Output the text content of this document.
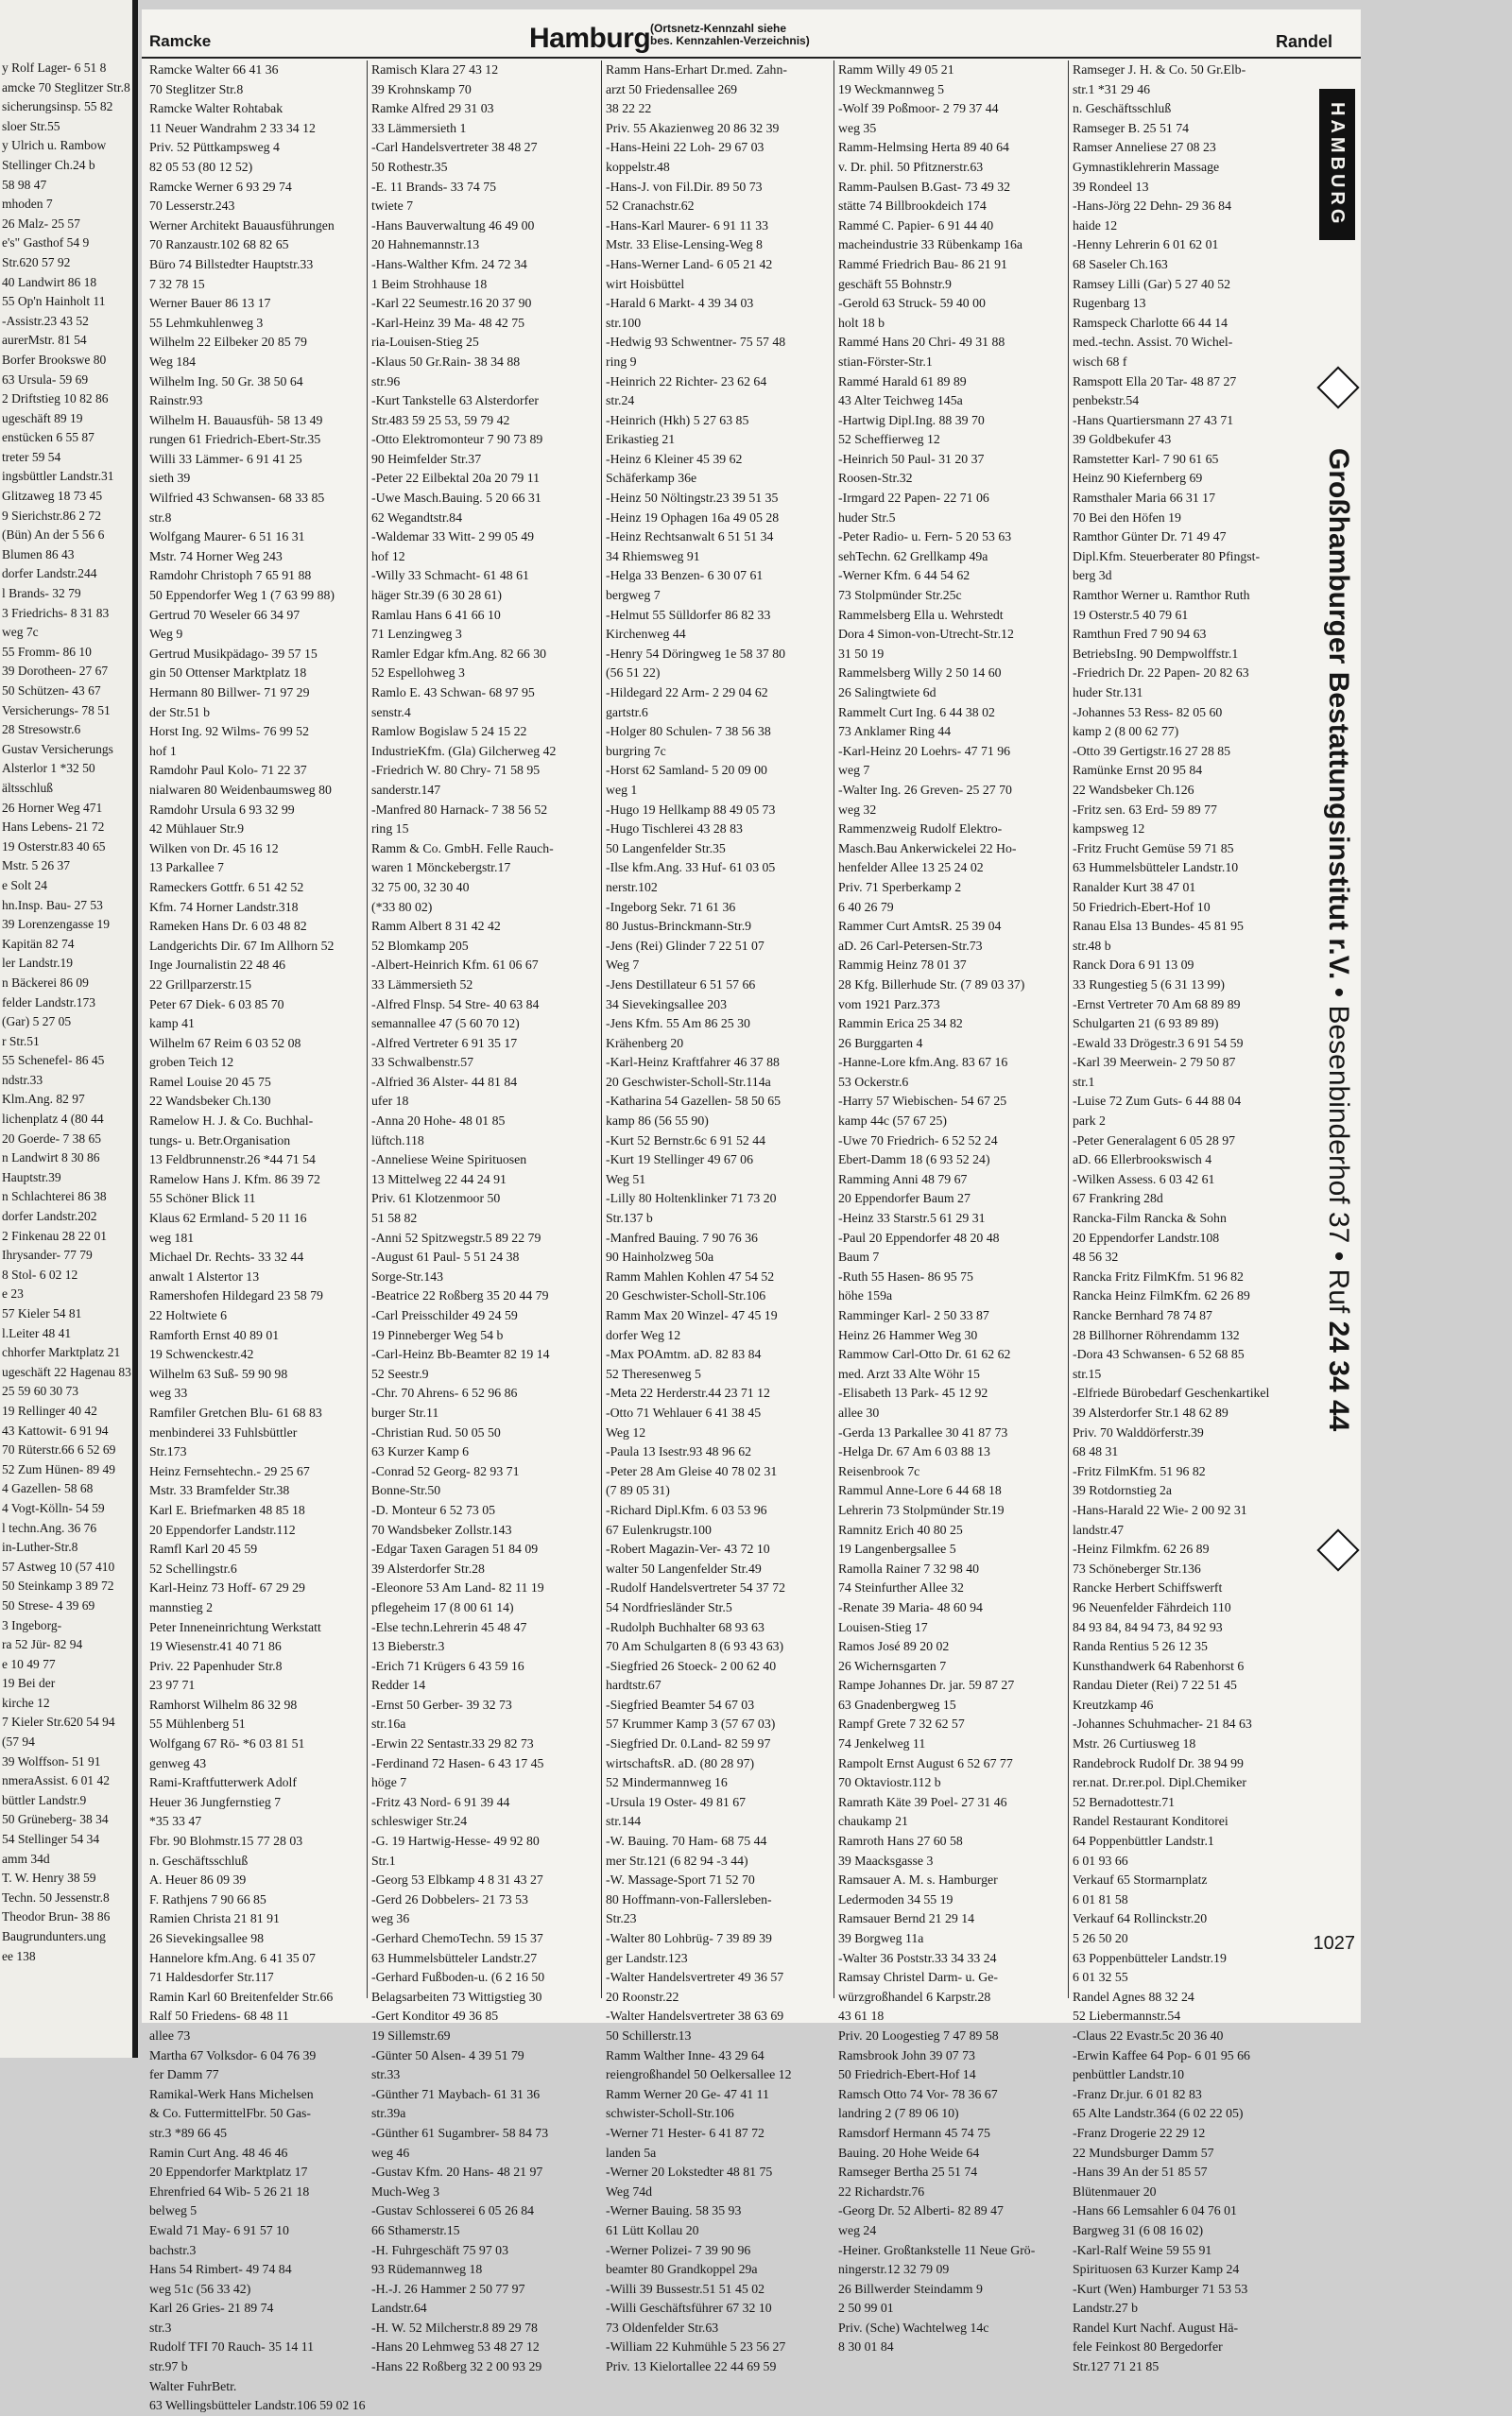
y Rolf Lager- 6 51 8
amcke 70 Steglitzer Str.8
sicherungsinsp. 55 82
sloer Str.55
y Ulrich u. Rambow
Stellinger Ch.24 b
58 98 47
mhoden 7
26 Malz- 25 57
e's" Gasthof 54 9
Str.620 57 92
40 Landwirt 86 18
55 Op'n Hainholt 11
-Assistr.23 43 52
aurerMstr. 81 54
Borfer Brookswe 80
63 Ursula- 59 69
2 Driftstieg 10 82 86
ugeschäft 89 19
enstücken 6 55 87
treter 59 54
ingsbüttler Landstr.31
Glitzaweg 18 73 45
9 Sierichstr.86 2 72
(Bün) An der 5 56 6
Blumen 86 43
dorfer Landstr.244
l Brands- 32 79
3 Friedrichs- 8 31 83
weg 7c
55 Fromm- 86 10
39 Dorotheen- 27 67
50 Schützen- 43 67
Versicherungs- 78 51
28 Stresowstr.6
Gustav Versicherungs
Alsterlor 1 *32 50
ältsschluß
26 Horner Weg 471
Hans Lebens- 21 72
19 Osterstr.83 40 65
Mstr. 5 26 37
e Solt 24
hn.Insp. Bau- 27 53
39 Lorenzengasse 19
Kapitän 82 74
ler Landstr.19
n Bäckerei 86 09
felder Landstr.173
(Gar) 5 27 05
r Str.51
55 Schenefel- 86 45
ndstr.33
Klm.Ang. 82 97
lichenplatz 4 (80 44
20 Goerde- 7 38 65
n Landwirt 8 30 86
Hauptstr.39
n Schlachterei 86 38
dorfer Landstr.202
2 Finkenau 28 22 01
Ihrysander- 77 79
8 Stol- 6 02 12
e 23
57 Kieler 54 81
l.Leiter 48 41
chhorfer Marktplatz 21
ugeschäft 22 Hagenau 83
25 59 60 30 73
19 Rellinger 40 42
43 Kattowit- 6 91 94
70 Rüterstr.66 6 52 69
52 Zum Hünen- 89 49
4 Gazellen- 58 68
4 Vogt-Kölln- 54 59
l techn.Ang. 36 76
in-Luther-Str.8
57 Astweg 10 (57 410
50 Steinkamp 3 89 72
50 Strese- 4 39 69
3 Ingeborg-
ra 52 Jür- 82 94
e 10 49 77
19 Bei der
kirche 12
7 Kieler Str.620 54 94
(57 94
39 Wolffson- 51 91
nmeraAssist. 6 01 42
büttler Landstr.9
50 Grüneberg- 38 34
54 Stellinger 54 34
amm 34d
T. W. Henry 38 59
Techn. 50 Jessenstr.8
Theodor Brun- 38 86
Baugrundunters.ung
ee 138
Ramcke	Hamburg (Ortsnetz-Kennzahl siehe
bes. Kennzahlen-Verzeichnis)	Randel
Ramcke Walter 66 41 36
70 Steglitzer Str.8
Ramcke Walter Rohtabak
11 Neuer Wandrahm 2 33 34 12
Priv. 52 Püttkampsweg 4
82 05 53 (80 12 52)
Ramcke Werner 6 93 29 74
70 Lesserstr.243
Werner Architekt Bauausführungen
70 Ranzaustr.102 68 82 65
Büro 74 Billstedter Hauptstr.33
7 32 78 15
Werner Bauer 86 13 17
55 Lehmkuhlenweg 3
Wilhelm 22 Eilbeker 20 85 79
Weg 184
Wilhelm Ing. 50 Gr. 38 50 64
Rainstr.93
Wilhelm H. Bauausfüh- 58 13 49
rungen 61 Friedrich-Ebert-Str.35
Willi 33 Lämmer- 6 91 41 25
sieth 39
Wilfried 43 Schwansen- 68 33 85
str.8
Wolfgang Maurer- 6 51 16 31
Mstr. 74 Horner Weg 243
Ramdohr Christoph 7 65 91 88
50 Eppendorfer Weg 1 (7 63 99 88)
Gertrud 70 Weseler 66 34 97
Weg 9
Gertrud Musikpädago- 39 57 15
gin 50 Ottenser Marktplatz 18
Hermann 80 Billwer- 71 97 29
der Str.51 b
Horst Ing. 92 Wilms- 76 99 52
hof 1
Ramdohr Paul Kolo- 71 22 37
nialwaren 80 Weidenbaumsweg 80
Ramdohr Ursula 6 93 32 99
42 Mühlauer Str.9
Wilken von Dr. 45 16 12
13 Parkallee 7
Rameckers Gottfr. 6 51 42 52
Kfm. 74 Horner Landstr.318
Rameken Hans Dr. 6 03 48 82
Landgerichts Dir. 67 Im Allhorn 52
Inge Journalistin 22 48 46
22 Grillparzerstr.15
Peter 67 Diek- 6 03 85 70
kamp 41
Wilhelm 67 Reim 6 03 52 08
groben Teich 12
Ramel Louise 20 45 75
22 Wandsbeker Ch.130
Ramelow H. J. & Co. Buchhal-
tungs- u. Betr.Organisation
13 Feldbrunnenstr.26 *44 71 54
Ramelow Hans J. Kfm. 86 39 72
55 Schöner Blick 11
Klaus 62 Ermland- 5 20 11 16
weg 181
Michael Dr. Rechts- 33 32 44
anwalt 1 Alstertor 13
Ramershofen Hildegard 23 58 79
22 Holtwiete 6
Ramforth Ernst 40 89 01
19 Schwenckestr.42
Wilhelm 63 Suß- 59 90 98
weg 33
Ramfiler Gretchen Blu- 61 68 83
menbinderei 33 Fuhlsbüttler
Str.173
Heinz Fernsehtechn.- 29 25 67
Mstr. 33 Bramfelder Str.38
Karl E. Briefmarken 48 85 18
20 Eppendorfer Landstr.112
Ramfl Karl 20 45 59
52 Schellingstr.6
Karl-Heinz 73 Hoff- 67 29 29
mannstieg 2
Peter Inneneinrichtung Werkstatt
19 Wiesenstr.41 40 71 86
Priv. 22 Papenhuder Str.8
23 97 71
Ramhorst Wilhelm 86 32 98
55 Mühlenberg 51
Wolfgang 67 Rö- *6 03 81 51
genweg 43
Rami-Kraftfutterwerk Adolf
Heuer 36 Jungfernstieg 7
*35 33 47
Fbr. 90 Blohmstr.15 77 28 03
n. Geschäftsschluß
A. Heuer 86 09 39
F. Rathjens 7 90 66 85
Ramien Christa 21 81 91
26 Sievekingsallee 98
Hannelore kfm.Ang. 6 41 35 07
71 Haldesdorfer Str.117
Ramin Karl 60 Breitenfelder Str.66
Ralf 50 Friedens- 68 48 11
allee 73
Martha 67 Volksdor- 6 04 76 39
fer Damm 77
Ramikal-Werk Hans Michelsen
& Co. FuttermittelFbr. 50 Gas-
str.3 *89 66 45
Ramin Curt Ang. 48 46 46
20 Eppendorfer Marktplatz 17
Ehrenfried 64 Wib- 5 26 21 18
belweg 5
Ewald 71 May- 6 91 57 10
bachstr.3
Hans 54 Rimbert- 49 74 84
weg 51c (56 33 42)
Karl 26 Gries- 21 89 74
str.3
Rudolf TFI 70 Rauch- 35 14 11
str.97 b
Walter FuhrBetr.
63 Wellingsbütteler Landstr.106 59 02 16
Ramisch Klara 27 43 12
39 Krohnskamp 70
Ramke Alfred 29 31 03
33 Lämmersieth 1
-Carl Handelsvertreter 38 48 27
50 Rothestr.35
-E. 11 Brands- 33 74 75
twiete 7
-Hans Bauverwaltung 46 49 00
20 Hahnemannstr.13
-Hans-Walther Kfm. 24 72 34
1 Beim Strohhause 18
-Karl 22 Seumestr.16 20 37 90
-Karl-Heinz 39 Ma- 48 42 75
ria-Louisen-Stieg 25
-Klaus 50 Gr.Rain- 38 34 88
str.96
-Kurt Tankstelle 63 Alsterdorfer
Str.483 59 25 53, 59 79 42
-Otto Elektromonteur 7 90 73 89
90 Heimfelder Str.37
-Peter 22 Eilbektal 20a 20 79 11
-Uwe Masch.Bauing. 5 20 66 31
62 Wegandtstr.84
-Waldemar 33 Witt- 2 99 05 49
hof 12
-Willy 33 Schmacht- 61 48 61
häger Str.39 (6 30 28 61)
Ramlau Hans 6 41 66 10
71 Lenzingweg 3
Ramler Edgar kfm.Ang. 82 66 30
52 Espellohweg 3
Ramlo E. 43 Schwan- 68 97 95
senstr.4
Ramlow Bogislaw 5 24 15 22
IndustrieKfm. (Gla) Gilcherweg 42
-Friedrich W. 80 Chry- 71 58 95
sanderstr.147
-Manfred 80 Harnack- 7 38 56 52
ring 15
Ramm & Co. GmbH. Felle Rauch-
waren 1 Mönckebergstr.17
32 75 00, 32 30 40
(*33 80 02)
Ramm Albert 8 31 42 42
52 Blomkamp 205
-Albert-Heinrich Kfm. 61 06 67
33 Lämmersieth 52
-Alfred Flnsp. 54 Stre- 40 63 84
semannallee 47 (5 60 70 12)
-Alfred Vertreter 6 91 35 17
33 Schwalbenstr.57
-Alfried 36 Alster- 44 81 84
ufer 18
-Anna 20 Hohe- 48 01 85
lüftch.118
-Anneliese Weine Spirituosen
13 Mittelweg 22 44 24 91
Priv. 61 Klotzenmoor 50
51 58 82
-Anni 52 Spitzwegstr.5 89 22 79
-August 61 Paul- 5 51 24 38
Sorge-Str.143
-Beatrice 22 Roßberg 35 20 44 79
-Carl Preisschilder 49 24 59
19 Pinneberger Weg 54 b
-Carl-Heinz Bb-Beamter 82 19 14
52 Seestr.9
-Chr. 70 Ahrens- 6 52 96 86
burger Str.11
-Christian Rud. 50 05 50
63 Kurzer Kamp 6
-Conrad 52 Georg- 82 93 71
Bonne-Str.50
-D. Monteur 6 52 73 05
70 Wandsbeker Zollstr.143
-Edgar Taxen Garagen 51 84 09
39 Alsterdorfer Str.28
-Eleonore 53 Am Land- 82 11 19
pflegeheim 17 (8 00 61 14)
-Else techn.Lehrerin 45 48 47
13 Bieberstr.3
-Erich 71 Krügers 6 43 59 16
Redder 14
-Ernst 50 Gerber- 39 32 73
str.16a
-Erwin 22 Sentastr.33 29 82 73
-Ferdinand 72 Hasen- 6 43 17 45
höge 7
-Fritz 43 Nord- 6 91 39 44
schleswiger Str.24
-G. 19 Hartwig-Hesse- 49 92 80
Str.1
-Georg 53 Elbkamp 4 8 31 43 27
-Gerd 26 Dobbelers- 21 73 53
weg 36
-Gerhard ChemoTechn. 59 15 37
63 Hummelsbütteler Landstr.27
-Gerhard Fußboden-u. (6 2 16 50
Belagsarbeiten 73 Wittigstieg 30
-Gert Konditor 49 36 85
19 Sillemstr.69
-Günter 50 Alsen- 4 39 51 79
str.33
-Günther 71 Maybach- 61 31 36
str.39a
-Günther 61 Sugambrer- 58 84 73
weg 46
-Gustav Kfm. 20 Hans- 48 21 97
Much-Weg 3
-Gustav Schlosserei 6 05 26 84
66 Sthamerstr.15
-H. Fuhrgeschäft 75 97 03
93 Rüdemannweg 18
-H.-J. 26 Hammer 2 50 77 97
Landstr.64
-H. W. 52 Milcherstr.8 89 29 78
-Hans 20 Lehmweg 53 48 27 12
-Hans 22 Roßberg 32 2 00 93 29
Ramm Hans-Erhart Dr.med. Zahn-
arzt 50 Friedensallee 269
38 22 22
Priv. 55 Akazienweg 20 86 32 39
-Hans-Heini 22 Loh- 29 67 03
koppelstr.48
-Hans-J. von Fil.Dir. 89 50 73
52 Cranachstr.62
-Hans-Karl Maurer- 6 91 11 33
Mstr. 33 Elise-Lensing-Weg 8
-Hans-Werner Land- 6 05 21 42
wirt Hoisbüttel
-Harald 6 Markt- 4 39 34 03
str.100
-Hedwig 93 Schwentner- 75 57 48
ring 9
-Heinrich 22 Richter- 23 62 64
str.24
-Heinrich (Hkh) 5 27 63 85
Erikastieg 21
-Heinz 6 Kleiner 45 39 62
Schäferkamp 36e
-Heinz 50 Nöltingstr.23 39 51 35
-Heinz 19 Ophagen 16a 49 05 28
-Heinz Rechtsanwalt 6 51 51 34
34 Rhiemsweg 91
-Helga 33 Benzen- 6 30 07 61
bergweg 7
-Helmut 55 Sülldorfer 86 82 33
Kirchenweg 44
-Henry 54 Döringweg 1e 58 37 80
(56 51 22)
-Hildegard 22 Arm- 2 29 04 62
gartstr.6
-Holger 80 Schulen- 7 38 56 38
burgring 7c
-Horst 62 Samland- 5 20 09 00
weg 1
-Hugo 19 Hellkamp 88 49 05 73
-Hugo Tischlerei 43 28 83
50 Langenfelder Str.35
-Ilse kfm.Ang. 33 Huf- 61 03 05
nerstr.102
-Ingeborg Sekr. 71 61 36
80 Justus-Brinckmann-Str.9
-Jens (Rei) Glinder 7 22 51 07
Weg 7
-Jens Destillateur 6 51 57 66
34 Sievekingsallee 203
-Jens Kfm. 55 Am 86 25 30
Krähenberg 20
-Karl-Heinz Kraftfahrer 46 37 88
20 Geschwister-Scholl-Str.114a
-Katharina 54 Gazellen- 58 50 65
kamp 86 (56 55 90)
-Kurt 52 Bernstr.6c 6 91 52 44
-Kurt 19 Stellinger 49 67 06
Weg 51
-Lilly 80 Holtenklinker 71 73 20
Str.137 b
-Manfred Bauing. 7 90 76 36
90 Hainholzweg 50a
Ramm Mahlen Kohlen 47 54 52
20 Geschwister-Scholl-Str.106
Ramm Max 20 Winzel- 47 45 19
dorfer Weg 12
-Max POAmtm. aD. 82 83 84
52 Theresenweg 5
-Meta 22 Herderstr.44 23 71 12
-Otto 71 Wehlauer 6 41 38 45
Weg 12
-Paula 13 Isestr.93 48 96 62
-Peter 28 Am Gleise 40 78 02 31
(7 89 05 31)
-Richard Dipl.Kfm. 6 03 53 96
67 Eulenkrugstr.100
-Robert Magazin-Ver- 43 72 10
walter 50 Langenfelder Str.49
-Rudolf Handelsvertreter 54 37 72
54 Nordfriesländer Str.5
-Rudolph Buchhalter 68 93 63
70 Am Schulgarten 8 (6 93 43 63)
-Siegfried 26 Stoeck- 2 00 62 40
hardtstr.67
-Siegfried Beamter 54 67 03
57 Krummer Kamp 3 (57 67 03)
-Siegfried Dr. 0.Land- 82 59 97
wirtschaftsR. aD. (80 28 97)
52 Mindermannweg 16
-Ursula 19 Oster- 49 81 67
str.144
-W. Bauing. 70 Ham- 68 75 44
mer Str.121 (6 82 94 -3 44)
-W. Massage-Sport 71 52 70
80 Hoffmann-von-Fallersleben-
Str.23
-Walter 80 Lohbrüg- 7 39 89 39
ger Landstr.123
-Walter Handelsvertreter 49 36 57
20 Roonstr.22
-Walter Handelsvertreter 38 63 69
50 Schillerstr.13
Ramm Walther Inne- 43 29 64
reiengroßhandel 50 Oelkersallee 12
Ramm Werner 20 Ge- 47 41 11
schwister-Scholl-Str.106
-Werner 71 Hester- 6 41 87 72
landen 5a
-Werner 20 Lokstedter 48 81 75
Weg 74d
-Werner Bauing. 58 35 93
61 Lütt Kollau 20
-Werner Polizei- 7 39 90 96
beamter 80 Grandkoppel 29a
-Willi 39 Bussestr.51 51 45 02
-Willi Geschäftsführer 67 32 10
73 Oldenfelder Str.63
-William 22 Kuhmühle 5 23 56 27
Priv. 13 Kielortallee 22 44 69 59
Ramm Willy 49 05 21
19 Weckmannweg 5
-Wolf 39 Poßmoor- 2 79 37 44
weg 35
Ramm-Helmsing Herta 89 40 64
v. Dr. phil. 50 Pfitznerstr.63
Ramm-Paulsen B.Gast- 73 49 32
stätte 74 Billbrookdeich 174
Rammé C. Papier- 6 91 44 40
macheindustrie 33 Rübenkamp 16a
Rammé Friedrich Bau- 86 21 91
geschäft 55 Bohnstr.9
-Gerold 63 Struck- 59 40 00
holt 18 b
Rammé Hans 20 Chri- 49 31 88
stian-Förster-Str.1
Rammé Harald 61 89 89
43 Alter Teichweg 145a
-Hartwig Dipl.Ing. 88 39 70
52 Scheffierweg 12
-Heinrich 50 Paul- 31 20 37
Roosen-Str.32
-Irmgard 22 Papen- 22 71 06
huder Str.5
-Peter Radio- u. Fern- 5 20 53 63
sehTechn. 62 Grellkamp 49a
-Werner Kfm. 6 44 54 62
73 Stolpmünder Str.25c
Rammelsberg Ella u. Wehrstedt
Dora 4 Simon-von-Utrecht-Str.12
31 50 19
Rammelsberg Willy 2 50 14 60
26 Salingtwiete 6d
Rammelt Curt Ing. 6 44 38 02
73 Anklamer Ring 44
-Karl-Heinz 20 Loehrs- 47 71 96
weg 7
-Walter Ing. 26 Greven- 25 27 70
weg 32
Rammenzweig Rudolf Elektro-
Masch.Bau Ankerwickelei 22 Ho-
henfelder Allee 13 25 24 02
Priv. 71 Sperberkamp 2
6 40 26 79
Rammer Curt AmtsR. 25 39 04
aD. 26 Carl-Petersen-Str.73
Rammig Heinz 78 01 37
28 Kfg. Billerhude Str. (7 89 03 37)
vom 1921 Parz.373
Rammin Erica 25 34 82
26 Burggarten 4
-Hanne-Lore kfm.Ang. 83 67 16
53 Ockerstr.6
-Harry 57 Wiebischen- 54 67 25
kamp 44c (57 67 25)
-Uwe 70 Friedrich- 6 52 52 24
Ebert-Damm 18 (6 93 52 24)
Ramming Anni 48 79 67
20 Eppendorfer Baum 27
-Heinz 33 Starstr.5 61 29 31
-Paul 20 Eppendorfer 48 20 48
Baum 7
-Ruth 55 Hasen- 86 95 75
höhe 159a
Ramminger Karl- 2 50 33 87
Heinz 26 Hammer Weg 30
Rammow Carl-Otto Dr. 61 62 62
med. Arzt 33 Alte Wöhr 15
-Elisabeth 13 Park- 45 12 92
allee 30
-Gerda 13 Parkallee 30 41 87 73
-Helga Dr. 67 Am 6 03 88 13
Reisenbrook 7c
Rammul Anne-Lore 6 44 68 18
Lehrerin 73 Stolpmünder Str.19
Ramnitz Erich 40 80 25
19 Langenbergsallee 5
Ramolla Rainer 7 32 98 40
74 Steinfurther Allee 32
-Renate 39 Maria- 48 60 94
Louisen-Stieg 17
Ramos José 89 20 02
26 Wichernsgarten 7
Rampe Johannes Dr. jar. 59 87 27
63 Gnadenbergweg 15
Rampf Grete 7 32 62 57
74 Jenkelweg 11
Rampolt Ernst August 6 52 67 77
70 Oktaviostr.112 b
Ramrath Käte 39 Poel- 27 31 46
chaukamp 21
Ramroth Hans 27 60 58
39 Maacksgasse 3
Ramsauer A. M. s. Hamburger
Ledermoden 34 55 19
Ramsauer Bernd 21 29 14
39 Borgweg 11a
-Walter 36 Poststr.33 34 33 24
Ramsay Christel Darm- u. Ge-
würzgroßhandel 6 Karpstr.28
43 61 18
Priv. 20 Loogestieg 7 47 89 58
Ramsbrook John 39 07 73
50 Friedrich-Ebert-Hof 14
Ramsch Otto 74 Vor- 78 36 67
landring 2 (7 89 06 10)
Ramsdorf Hermann 45 74 75
Bauing. 20 Hohe Weide 64
Ramseger Bertha 25 51 74
22 Richardstr.76
-Georg Dr. 52 Alberti- 82 89 47
weg 24
-Heiner. Großtankstelle 11 Neue Grö-
ningerstr.12 32 79 09
26 Billwerder Steindamm 9
2 50 99 01
Priv. (Sche) Wachtelweg 14c
8 30 01 84
Ramseger J. H. & Co. 50 Gr.Elb-
str.1 *31 29 46
n. Geschäftsschluß
Ramseger B. 25 51 74
Ramser Anneliese 27 08 23
Gymnastiklehrerin Massage
39 Rondeel 13
-Hans-Jörg 22 Dehn- 29 36 84
haide 12
-Henny Lehrerin 6 01 62 01
68 Saseler Ch.163
Ramsey Lilli (Gar) 5 27 40 52
Rugenbarg 13
Ramspeck Charlotte 66 44 14
med.-techn. Assist. 70 Wichel-
wisch 68 f
Ramspott Ella 20 Tar- 48 87 27
penbekstr.54
-Hans Quartiersmann 27 43 71
39 Goldbekufer 43
Ramstetter Karl- 7 90 61 65
Heinz 90 Kiefernberg 69
Ramsthaler Maria 66 31 17
70 Bei den Höfen 19
Ramthor Günter Dr. 71 49 47
Dipl.Kfm. Steuerberater 80 Pfingst-
berg 3d
Ramthor Werner u. Ramthor Ruth
19 Osterstr.5 40 79 61
Ramthun Fred 7 90 94 63
BetriebsIng. 90 Dempwolffstr.1
-Friedrich Dr. 22 Papen- 20 82 63
huder Str.131
-Johannes 53 Ress- 82 05 60
kamp 2 (8 00 62 77)
-Otto 39 Gertigstr.16 27 28 85
Ramünke Ernst 20 95 84
22 Wandsbeker Ch.126
-Fritz sen. 63 Erd- 59 89 77
kampsweg 12
-Fritz Frucht Gemüse 59 71 85
63 Hummelsbütteler Landstr.10
Ranalder Kurt 38 47 01
50 Friedrich-Ebert-Hof 10
Ranau Elsa 13 Bundes- 45 81 95
str.48 b
Ranck Dora 6 91 13 09
33 Rungestieg 5 (6 31 13 99)
-Ernst Vertreter 70 Am 68 89 89
Schulgarten 21 (6 93 89 89)
-Ewald 33 Drögestr.3 6 91 54 59
-Karl 39 Meerwein- 2 79 50 87
str.1
-Luise 72 Zum Guts- 6 44 88 04
park 2
-Peter Generalagent 6 05 28 97
aD. 66 Ellerbrookswisch 4
-Wilken Assess. 6 03 42 61
67 Frankring 28d
Rancka-Film Rancka & Sohn
20 Eppendorfer Landstr.108
48 56 32
Rancka Fritz FilmKfm. 51 96 82
Rancka Heinz FilmKfm. 62 26 89
Rancke Bernhard 78 74 87
28 Billhorner Röhrendamm 132
-Dora 43 Schwansen- 6 52 68 85
str.15
-Elfriede Bürobedarf Geschenkartikel
39 Alsterdorfer Str.1 48 62 89
Priv. 70 Walddörferstr.39
68 48 31
-Fritz FilmKfm. 51 96 82
39 Rotdornstieg 2a
-Hans-Harald 22 Wie- 2 00 92 31
landstr.47
-Heinz Filmkfm. 62 26 89
73 Schöneberger Str.136
Rancke Herbert Schiffswerft
96 Neuenfelder Fährdeich 110
84 93 84, 84 94 73, 84 92 93
Randa Rentius 5 26 12 35
Kunsthandwerk 64 Rabenhorst 6
Randau Dieter (Rei) 7 22 51 45
Kreutzkamp 46
-Johannes Schuhmacher- 21 84 63
Mstr. 26 Curtiusweg 18
Randebrock Rudolf Dr. 38 94 99
rer.nat. Dr.rer.pol. Dipl.Chemiker
52 Bernadottestr.71
Randel Restaurant Konditorei
64 Poppenbüttler Landstr.1
6 01 93 66
Verkauf 65 Stormarnplatz
6 01 81 58
Verkauf 64 Rollinckstr.20
5 26 50 20
63 Poppenbütteler Landstr.19
6 01 32 55
Randel Agnes 88 32 24
52 Liebermannstr.54
-Claus 22 Evastr.5c 20 36 40
-Erwin Kaffee 64 Pop- 6 01 95 66
penbüttler Landstr.10
-Franz Dr.jur. 6 01 82 83
65 Alte Landstr.364 (6 02 22 05)
-Franz Drogerie 22 29 12
22 Mundsburger Damm 57
-Hans 39 An der 51 85 57
Blütenmauer 20
-Hans 66 Lemsahler 6 04 76 01
Bargweg 31 (6 08 16 02)
-Karl-Ralf Weine 59 55 91
Spirituosen 63 Kurzer Kamp 24
-Kurt (Wen) Hamburger 71 53 53
Landstr.27 b
Randel Kurt Nachf. August Hä-
fele Feinkost 80 Bergedorfer
Str.127 71 21 85
HAMBURG
Großhamburger Bestattungsinstitut r.V. • Besenbinderhof 37 • Ruf 24 34 44
1027
